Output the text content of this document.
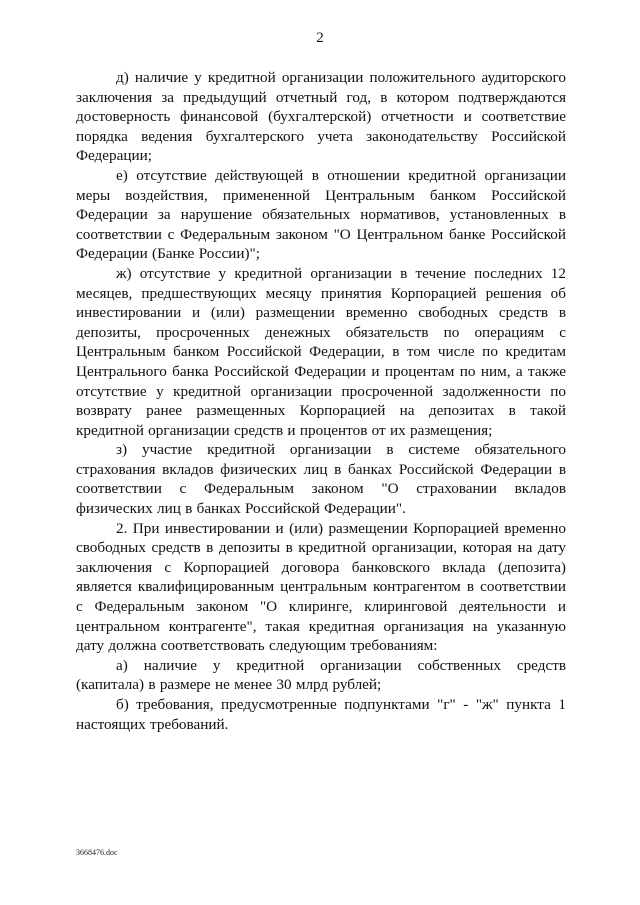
2

д) наличие у кредитной организации положительного аудиторского заключения за предыдущий отчетный год, в котором подтверждаются достоверность финансовой (бухгалтерской) отчетности и соответствие порядка ведения бухгалтерского учета законодательству Российской Федерации;

е) отсутствие действующей в отношении кредитной организации меры воздействия, примененной Центральным банком Российской Федерации за нарушение обязательных нормативов, установленных в соответствии с Федеральным законом "О Центральном банке Российской Федерации (Банке России)";

ж) отсутствие у кредитной организации в течение последних 12 месяцев, предшествующих месяцу принятия Корпорацией решения об инвестировании и (или) размещении временно свободных средств в депозиты, просроченных денежных обязательств по операциям с Центральным банком Российской Федерации, в том числе по кредитам Центрального банка Российской Федерации и процентам по ним, а также отсутствие у кредитной организации просроченной задолженности по возврату ранее размещенных Корпорацией на депозитах в такой кредитной организации средств и процентов от их размещения;

з) участие кредитной организации в системе обязательного страхования вкладов физических лиц в банках Российской Федерации в соответствии с Федеральным законом "О страховании вкладов физических лиц в банках Российской Федерации".

2. При инвестировании и (или) размещении Корпорацией временно свободных средств в депозиты в кредитной организации, которая на дату заключения с Корпорацией договора банковского вклада (депозита) является квалифицированным центральным контрагентом в соответствии с Федеральным законом "О клиринге, клиринговой деятельности и центральном контрагенте", такая кредитная организация на указанную дату должна соответствовать следующим требованиям:

а) наличие у кредитной организации собственных средств (капитала) в размере не менее 30 млрд рублей;

б) требования, предусмотренные подпунктами "г" - "ж" пункта 1 настоящих требований.

3668476.doc
